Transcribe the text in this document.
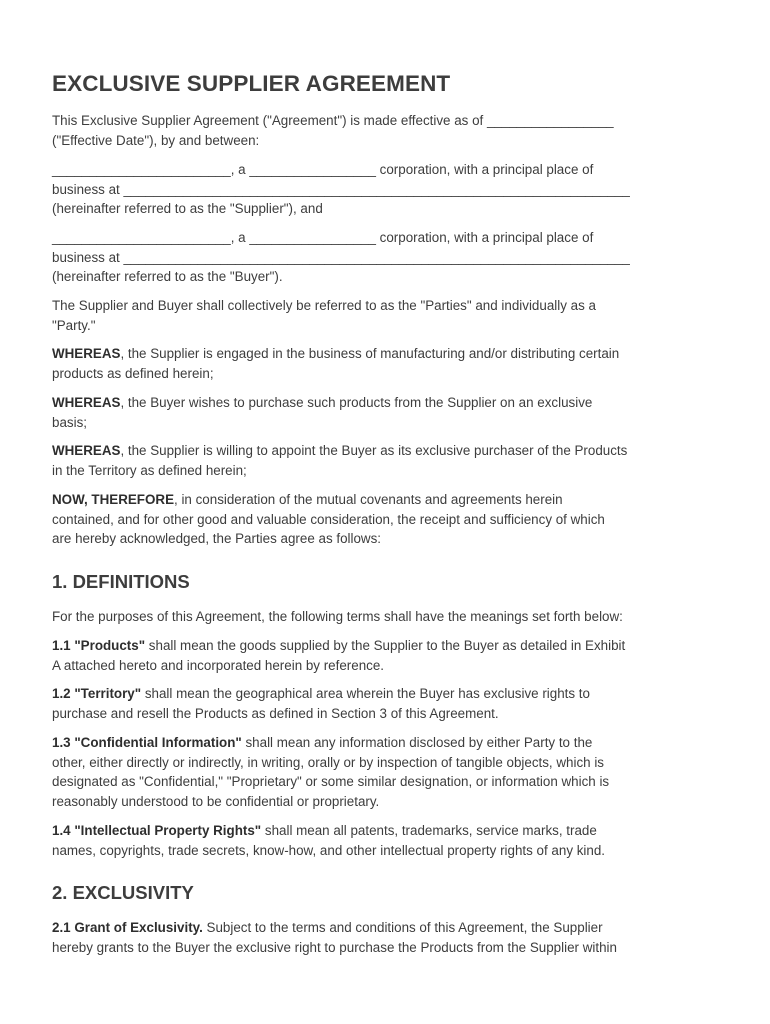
EXCLUSIVE SUPPLIER AGREEMENT

This Exclusive Supplier Agreement ("Agreement") is made effective as of _________________
("Effective Date"), by and between:

________________________, a _________________ corporation, with a principal place of
business at ____________________________________________________________________
(hereinafter referred to as the "Supplier"), and

________________________, a _________________ corporation, with a principal place of
business at ____________________________________________________________________
(hereinafter referred to as the "Buyer").

The Supplier and Buyer shall collectively be referred to as the "Parties" and individually as a
"Party."

WHEREAS, the Supplier is engaged in the business of manufacturing and/or distributing certain
products as defined herein;

WHEREAS, the Buyer wishes to purchase such products from the Supplier on an exclusive
basis;

WHEREAS, the Supplier is willing to appoint the Buyer as its exclusive purchaser of the Products
in the Territory as defined herein;

NOW, THEREFORE, in consideration of the mutual covenants and agreements herein
contained, and for other good and valuable consideration, the receipt and sufficiency of which
are hereby acknowledged, the Parties agree as follows:

1. DEFINITIONS

For the purposes of this Agreement, the following terms shall have the meanings set forth below:

1.1 "Products" shall mean the goods supplied by the Supplier to the Buyer as detailed in Exhibit
A attached hereto and incorporated herein by reference.

1.2 "Territory" shall mean the geographical area wherein the Buyer has exclusive rights to
purchase and resell the Products as defined in Section 3 of this Agreement.

1.3 "Confidential Information" shall mean any information disclosed by either Party to the
other, either directly or indirectly, in writing, orally or by inspection of tangible objects, which is
designated as "Confidential," "Proprietary" or some similar designation, or information which is
reasonably understood to be confidential or proprietary.

1.4 "Intellectual Property Rights" shall mean all patents, trademarks, service marks, trade
names, copyrights, trade secrets, know-how, and other intellectual property rights of any kind.

2. EXCLUSIVITY

2.1 Grant of Exclusivity. Subject to the terms and conditions of this Agreement, the Supplier
hereby grants to the Buyer the exclusive right to purchase the Products from the Supplier within
